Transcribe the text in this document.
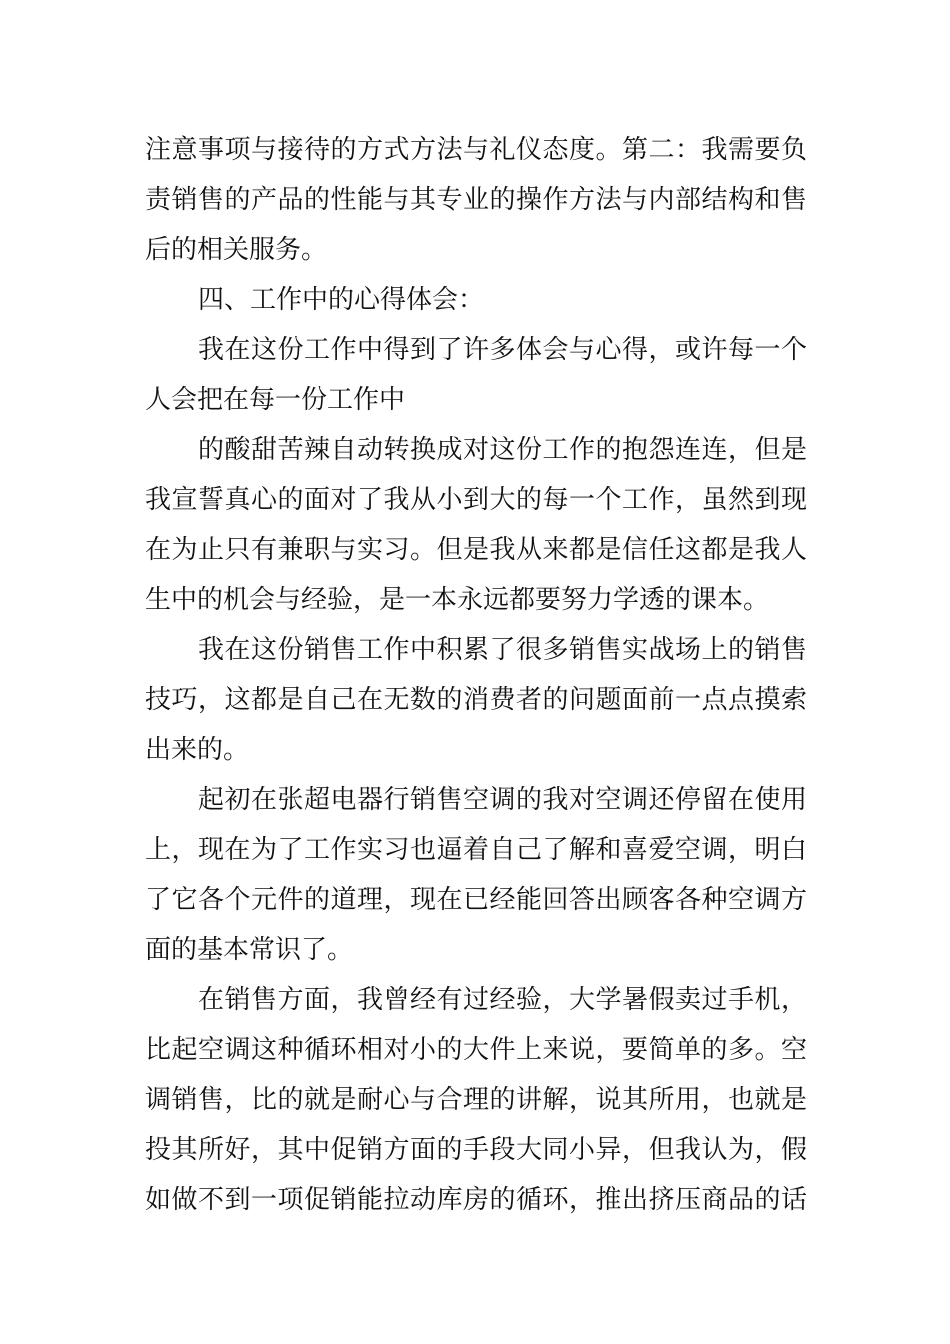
注意事项与接待的方式方法与礼仪态度。第二：我需要负
责销售的产品的性能与其专业的操作方法与内部结构和售
后的相关服务。
四、工作中的心得体会：
我在这份工作中得到了许多体会与心得，或许每一个
人会把在每一份工作中
的酸甜苦辣自动转换成对这份工作的抱怨连连，但是
我宣誓真心的面对了我从小到大的每一个工作，虽然到现
在为止只有兼职与实习。但是我从来都是信任这都是我人
生中的机会与经验，是一本永远都要努力学透的课本。
我在这份销售工作中积累了很多销售实战场上的销售
技巧，这都是自己在无数的消费者的问题面前一点点摸索
出来的。
起初在张超电器行销售空调的我对空调还停留在使用
上，现在为了工作实习也逼着自己了解和喜爱空调，明白
了它各个元件的道理，现在已经能回答出顾客各种空调方
面的基本常识了。
在销售方面，我曾经有过经验，大学暑假卖过手机，
比起空调这种循环相对小的大件上来说，要简单的多。空
调销售，比的就是耐心与合理的讲解，说其所用，也就是
投其所好，其中促销方面的手段大同小异，但我认为，假
如做不到一项促销能拉动库房的循环，推出挤压商品的话
